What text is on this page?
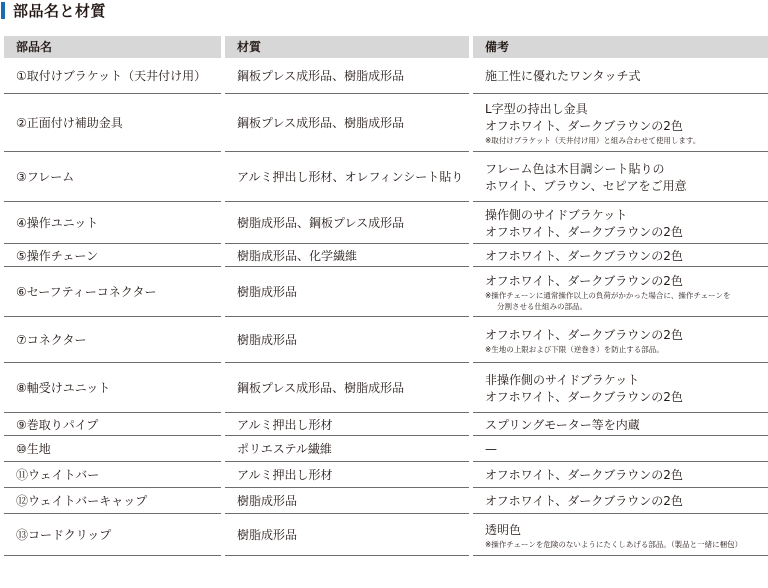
部品名と材質
部品名	材質	備考
①取付けブラケット（天井付け用）	鋼板プレス成形品、樹脂成形品	施工性に優れたワンタッチ式

②正面付け補助金具	鋼板プレス成形品、樹脂成形品	L字型の持出し金具
オフホワイト、ダークブラウンの2色
※取付けブラケット（天井付け用）と組み合わせて使用します。

③フレーム	アルミ押出し形材、オレフィンシート貼り	フレーム色は木目調シート貼りの
ホワイト、ブラウン、セピアをご用意

④操作ユニット	樹脂成形品、鋼板プレス成形品	操作側のサイドブラケット
オフホワイト、ダークブラウンの2色

⑤操作チェーン	樹脂成形品、化学繊維	オフホワイト、ダークブラウンの2色

⑥セーフティーコネクター	樹脂成形品	オフホワイト、ダークブラウンの2色
※操作チェーンに通常操作以上の負荷がかかった場合に、操作チェーンを
分割させる仕組みの部品。

⑦コネクター	樹脂成形品	オフホワイト、ダークブラウンの2色
※生地の上限および下限（逆巻き）を防止する部品。

⑧軸受けユニット	鋼板プレス成形品、樹脂成形品	非操作側のサイドブラケット
オフホワイト、ダークブラウンの2色

⑨巻取りパイプ	アルミ押出し形材	スプリングモーター等を内蔵

⑩生地	ポリエステル繊維	—

⑪ウェイトバー	アルミ押出し形材	オフホワイト、ダークブラウンの2色

⑫ウェイトバーキャップ	樹脂成形品	オフホワイト、ダークブラウンの2色

⑬コードクリップ	樹脂成形品	透明色
※操作チェーンを危険のないようにたくしあげる部品。（製品と一緒に梱包）
